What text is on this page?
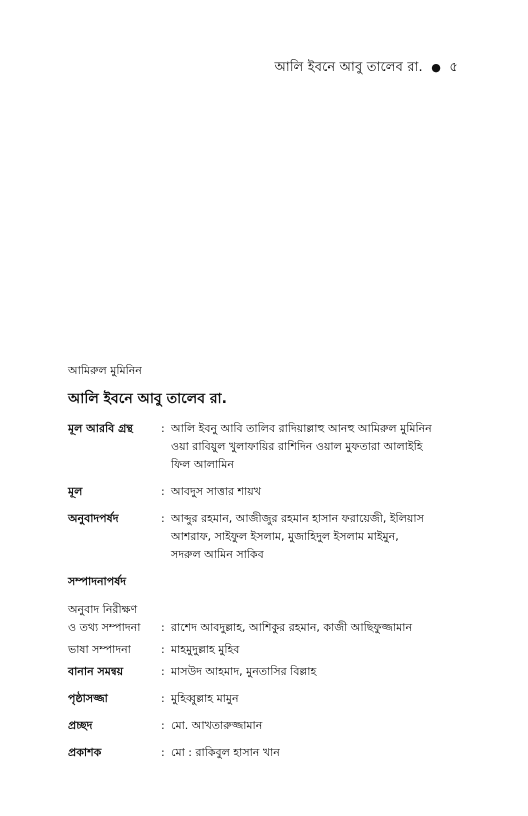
আলি ইবনে আবু তালেব রা. ● ৫
আমিরুল মুমিনিন
আলি ইবনে আবু তালেব রা.
মূল আরবি গ্রন্থ	: আলি ইবনু আবি তালিব রাদিয়াল্লাহু আনহু আমিরুল মুমিনিন
ওয়া রাবিয়ুল খুলাফায়ির রাশিদিন ওয়াল মুফতারা আলাইহি
ফিল আলামিন
মূল	: আবদুস সাত্তার শায়খ
অনুবাদপর্ষদ	: আব্দুর রহমান, আজীজুর রহমান হাসান ফরায়েজী, ইলিয়াস
আশরাফ, সাইফুল ইসলাম, মুজাহিদুল ইসলাম মাইমুন,
সদরুল আমিন সাকিব
সম্পাদনাপর্ষদ
অনুবাদ নিরীক্ষণ
ও তথ্য সম্পাদনা	: রাশেদ আবদুল্লাহ, আশিকুর রহমান, কাজী আছিফুজ্জামান
ভাষা সম্পাদনা	: মাহমুদুল্লাহ মুহিব
বানান সমন্বয়	: মাসউদ আহমাদ, মুনতাসির বিল্লাহ
পৃষ্ঠাসজ্জা	: মুহিব্বুল্লাহ মামুন
প্রচ্ছদ	: মো. আখতারুজ্জামান
প্রকাশক	: মো : রাকিবুল হাসান খান
